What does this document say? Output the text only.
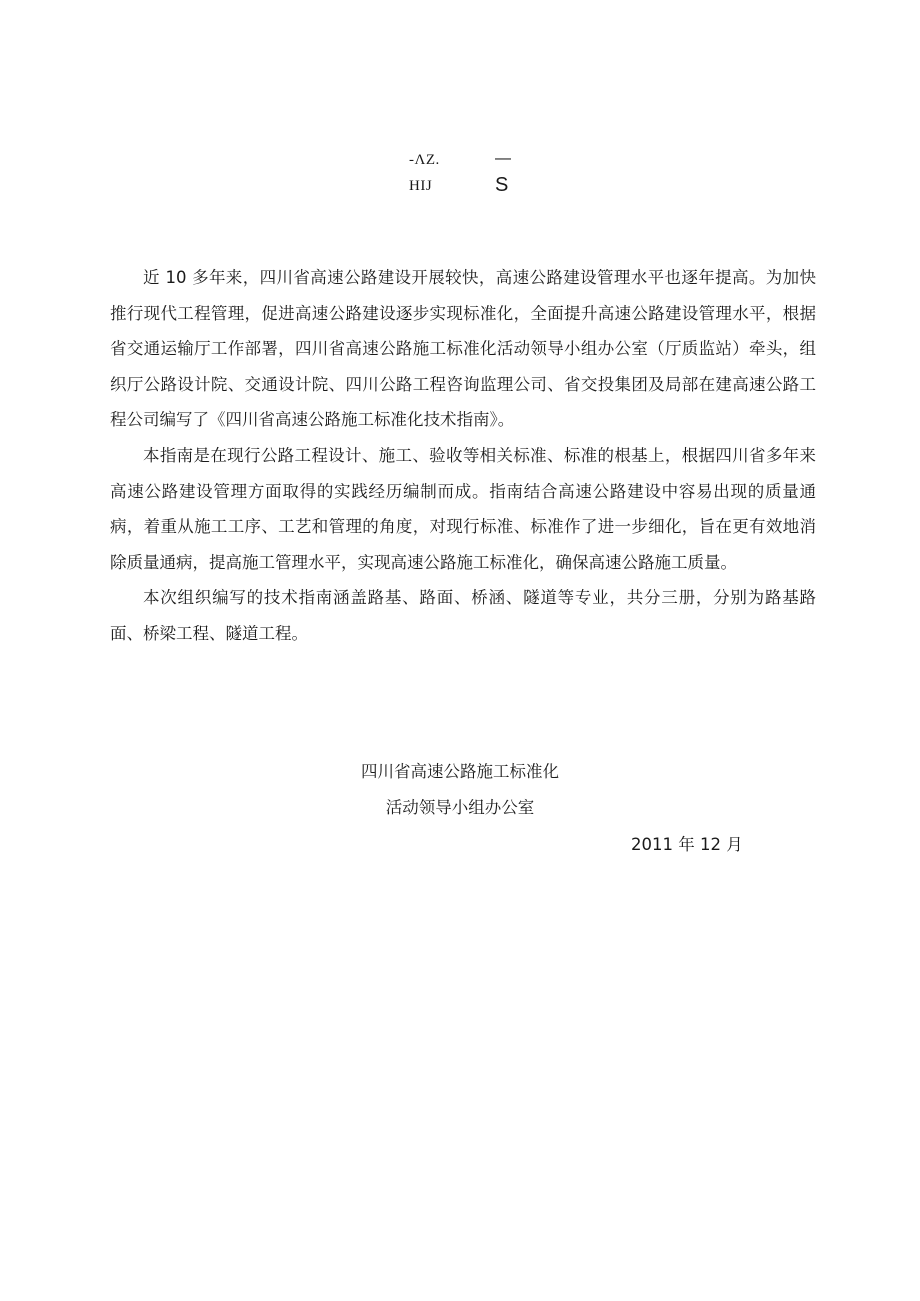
-ΛZ.	—
HIJ	S

近 10 多年来，四川省高速公路建设开展较快，高速公路建设管理水平也逐年提高。为加快推行现代工程管理，促进高速公路建设逐步实现标准化，全面提升高速公路建设管理水平，根据省交通运输厅工作部署，四川省高速公路施工标准化活动领导小组办公室（厅质监站）牵头，组织厅公路设计院、交通设计院、四川公路工程咨询监理公司、省交投集团及局部在建高速公路工程公司编写了《四川省高速公路施工标准化技术指南》。

本指南是在现行公路工程设计、施工、验收等相关标准、标准的根基上，根据四川省多年来高速公路建设管理方面取得的实践经历编制而成。指南结合高速公路建设中容易出现的质量通病，着重从施工工序、工艺和管理的角度，对现行标准、标准作了进一步细化，旨在更有效地消除质量通病，提高施工管理水平，实现高速公路施工标准化，确保高速公路施工质量。

本次组织编写的技术指南涵盖路基、路面、桥涵、隧道等专业，共分三册，分别为路基路面、桥梁工程、隧道工程。

四川省高速公路施工标准化
活动领导小组办公室
2011 年 12 月
